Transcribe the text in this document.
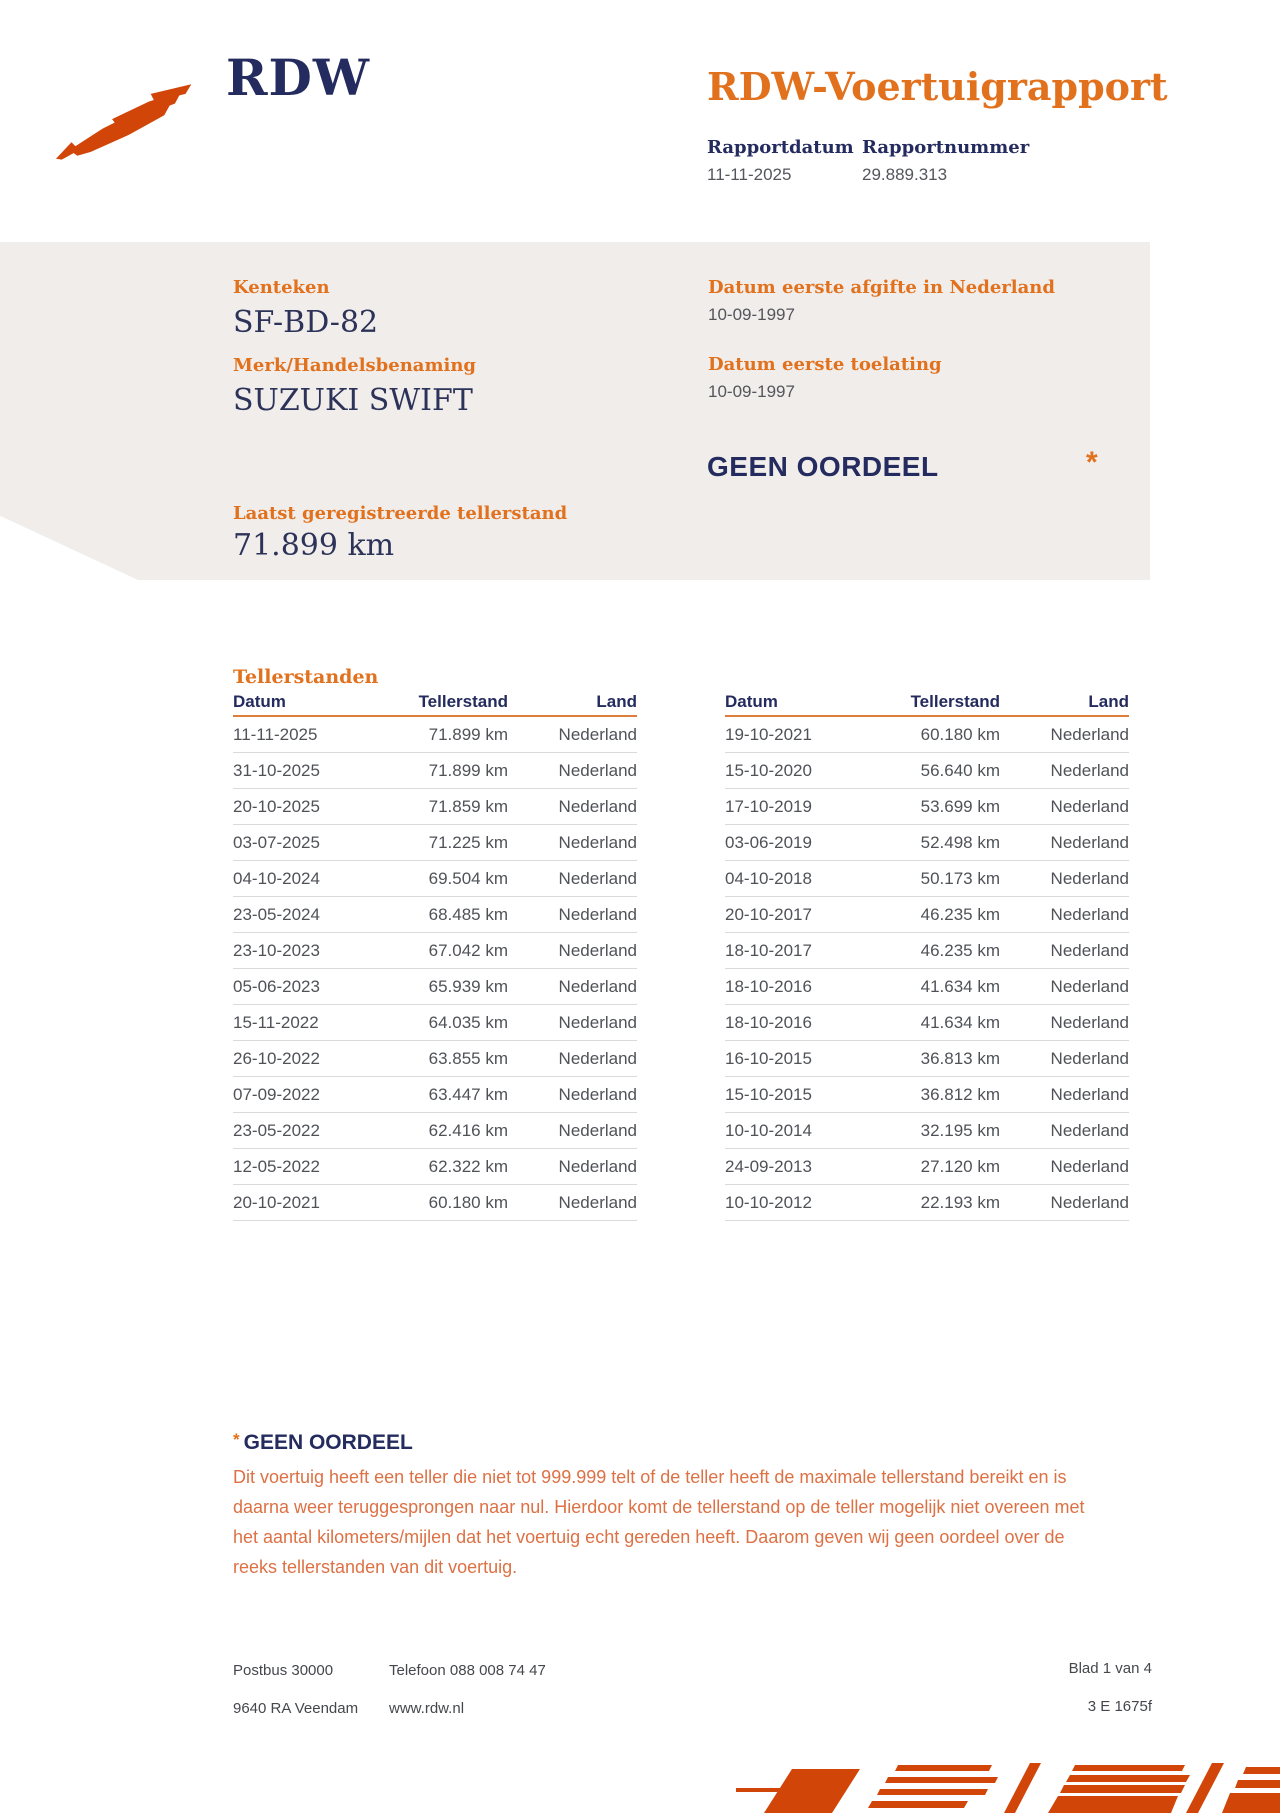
RDW	RDW-Voertuigrapport
Rapportdatum Rapportnummer
11-11-2025	29.889.313
Kenteken
SF-BD-82
Merk/Handelsbenaming
SUZUKI SWIFT
Laatst geregistreerde tellerstand
71.899 km
Datum eerste afgifte in Nederland
10-09-1997
Datum eerste toelating
10-09-1997
GEEN OORDEEL	*
Tellerstanden
Datum	Tellerstand	Land
11-11-2025	71.899 km	Nederland
31-10-2025	71.899 km	Nederland
20-10-2025	71.859 km	Nederland
03-07-2025	71.225 km	Nederland
04-10-2024	69.504 km	Nederland
23-05-2024	68.485 km	Nederland
23-10-2023	67.042 km	Nederland
05-06-2023	65.939 km	Nederland
15-11-2022	64.035 km	Nederland
26-10-2022	63.855 km	Nederland
07-09-2022	63.447 km	Nederland
23-05-2022	62.416 km	Nederland
12-05-2022	62.322 km	Nederland
20-10-2021	60.180 km	Nederland
Datum	Tellerstand	Land
19-10-2021	60.180 km	Nederland
15-10-2020	56.640 km	Nederland
17-10-2019	53.699 km	Nederland
03-06-2019	52.498 km	Nederland
04-10-2018	50.173 km	Nederland
20-10-2017	46.235 km	Nederland
18-10-2017	46.235 km	Nederland
18-10-2016	41.634 km	Nederland
18-10-2016	41.634 km	Nederland
16-10-2015	36.813 km	Nederland
15-10-2015	36.812 km	Nederland
10-10-2014	32.195 km	Nederland
24-09-2013	27.120 km	Nederland
10-10-2012	22.193 km	Nederland
* GEEN OORDEEL
Dit voertuig heeft een teller die niet tot 999.999 telt of de teller heeft de maximale tellerstand bereikt en is
daarna weer teruggesprongen naar nul. Hierdoor komt de tellerstand op de teller mogelijk niet overeen met
het aantal kilometers/mijlen dat het voertuig echt gereden heeft. Daarom geven wij geen oordeel over de
reeks tellerstanden van dit voertuig.
Postbus 30000
9640 RA Veendam
Telefoon 088 008 74 47
www.rdw.nl
Blad 1 van 4
3 E 1675f
